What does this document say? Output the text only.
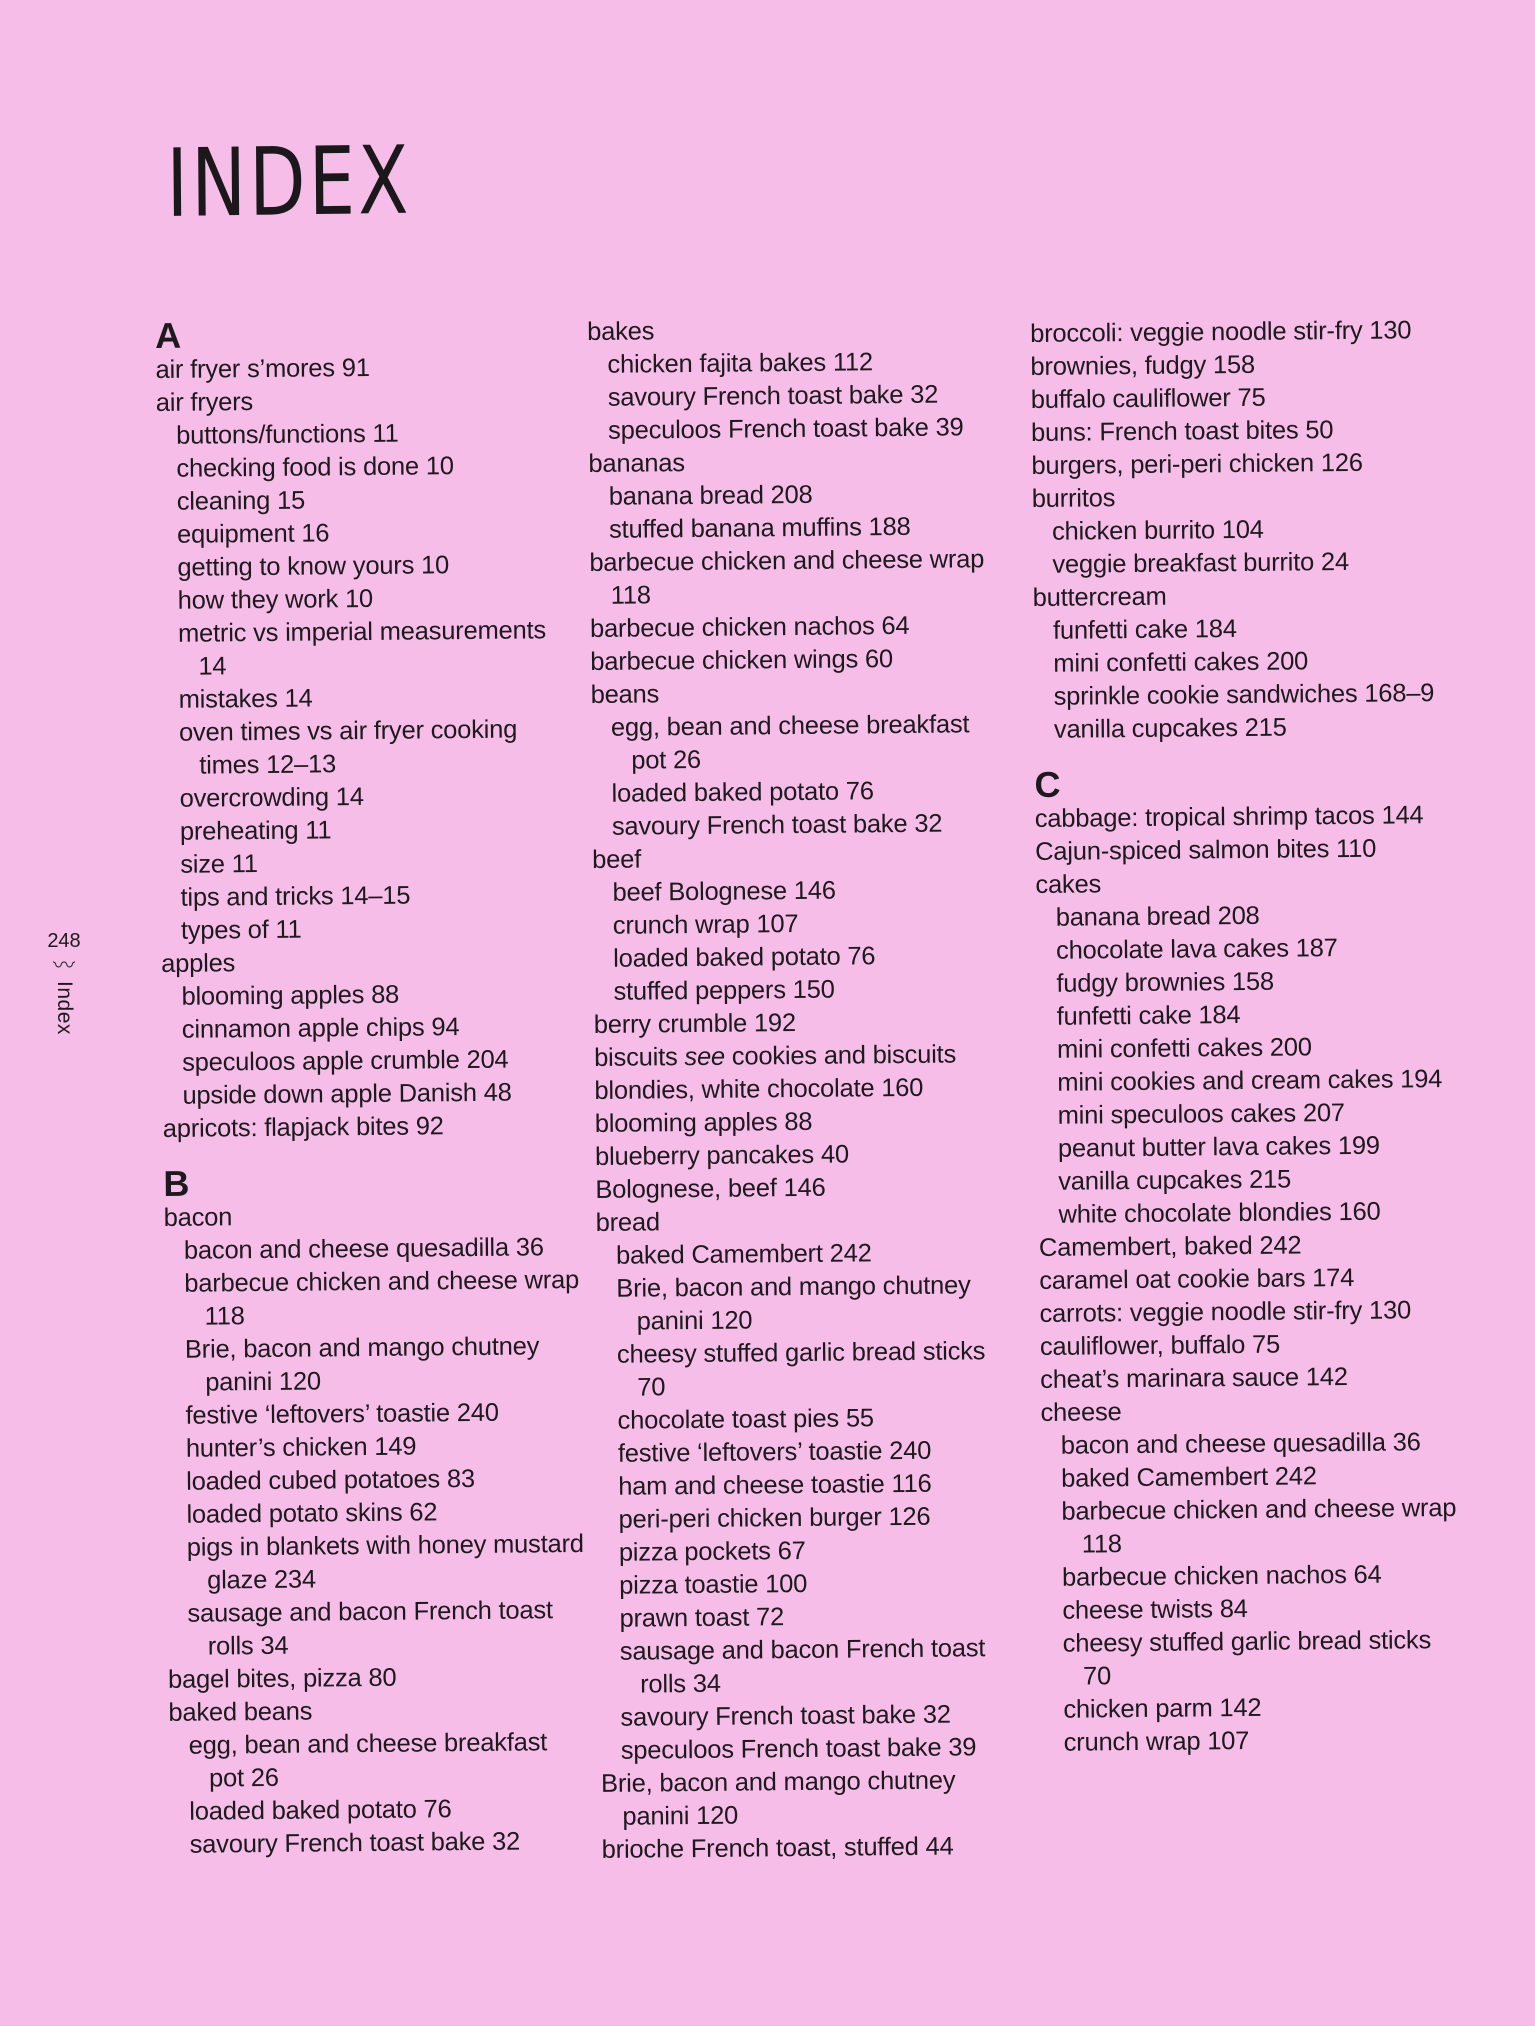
INDEX
A
air fryer s’mores 91
air fryers
buttons/functions 11
checking food is done 10
cleaning 15
equipment 16
getting to know yours 10
how they work 10
metric vs imperial measurements 14
mistakes 14
oven times vs air fryer cooking times 12–13
overcrowding 14
preheating 11
size 11
tips and tricks 14–15
types of 11
apples
blooming apples 88
cinnamon apple chips 94
speculoos apple crumble 204
upside down apple Danish 48
apricots: flapjack bites 92
B
bacon
bacon and cheese quesadilla 36
barbecue chicken and cheese wrap 118
Brie, bacon and mango chutney panini 120
festive ‘leftovers’ toastie 240
hunter’s chicken 149
loaded cubed potatoes 83
loaded potato skins 62
pigs in blankets with honey mustard glaze 234
sausage and bacon French toast rolls 34
bagel bites, pizza 80
baked beans
egg, bean and cheese breakfast pot 26
loaded baked potato 76
savoury French toast bake 32
bakes
chicken fajita bakes 112
savoury French toast bake 32
speculoos French toast bake 39
bananas
banana bread 208
stuffed banana muffins 188
barbecue chicken and cheese wrap 118
barbecue chicken nachos 64
barbecue chicken wings 60
beans
egg, bean and cheese breakfast pot 26
loaded baked potato 76
savoury French toast bake 32
beef
beef Bolognese 146
crunch wrap 107
loaded baked potato 76
stuffed peppers 150
berry crumble 192
biscuits see cookies and biscuits
blondies, white chocolate 160
blooming apples 88
blueberry pancakes 40
Bolognese, beef 146
bread
baked Camembert 242
Brie, bacon and mango chutney panini 120
cheesy stuffed garlic bread sticks 70
chocolate toast pies 55
festive ‘leftovers’ toastie 240
ham and cheese toastie 116
peri-peri chicken burger 126
pizza pockets 67
pizza toastie 100
prawn toast 72
sausage and bacon French toast rolls 34
savoury French toast bake 32
speculoos French toast bake 39
Brie, bacon and mango chutney panini 120
brioche French toast, stuffed 44
broccoli: veggie noodle stir-fry 130
brownies, fudgy 158
buffalo cauliflower 75
buns: French toast bites 50
burgers, peri-peri chicken 126
burritos
chicken burrito 104
veggie breakfast burrito 24
buttercream
funfetti cake 184
mini confetti cakes 200
sprinkle cookie sandwiches 168–9
vanilla cupcakes 215
C
cabbage: tropical shrimp tacos 144
Cajun-spiced salmon bites 110
cakes
banana bread 208
chocolate lava cakes 187
fudgy brownies 158
funfetti cake 184
mini confetti cakes 200
mini cookies and cream cakes 194
mini speculoos cakes 207
peanut butter lava cakes 199
vanilla cupcakes 215
white chocolate blondies 160
Camembert, baked 242
caramel oat cookie bars 174
carrots: veggie noodle stir-fry 130
cauliflower, buffalo 75
cheat’s marinara sauce 142
cheese
bacon and cheese quesadilla 36
baked Camembert 242
barbecue chicken and cheese wrap 118
barbecue chicken nachos 64
cheese twists 84
cheesy stuffed garlic bread sticks 70
chicken parm 142
crunch wrap 107
248
〰
Index
